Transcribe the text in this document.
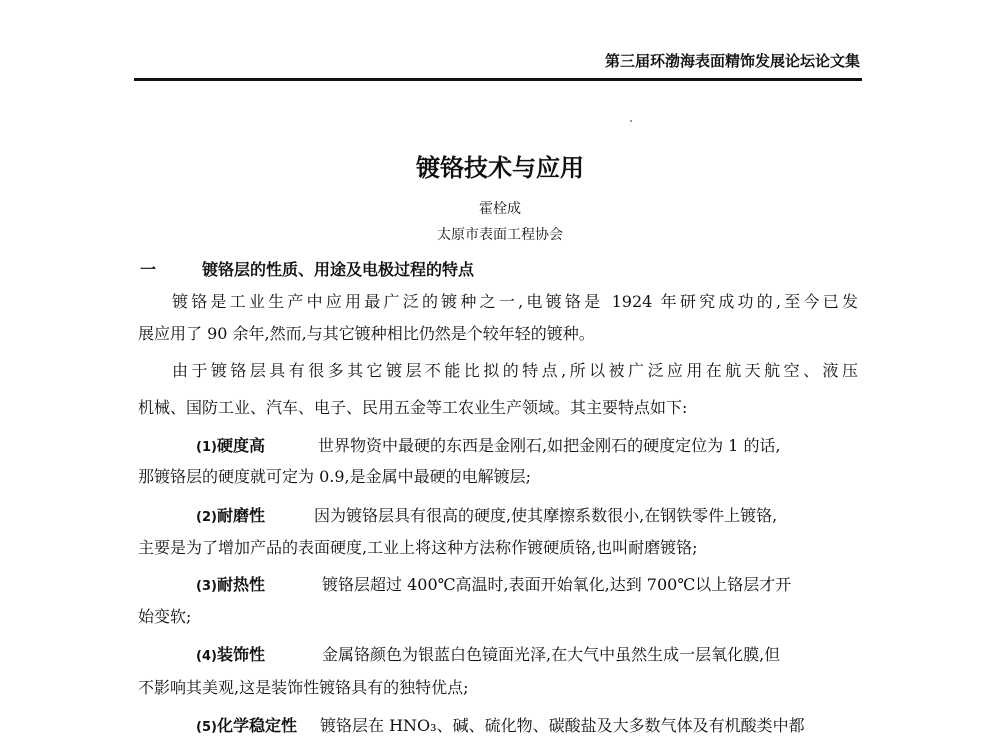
第三届环渤海表面精饰发展论坛论文集
镀铬技术与应用
霍栓成
太原市表面工程协会
一	镀铬层的性质、用途及电极过程的特点
镀铬是工业生产中应用最广泛的镀种之一,电镀铬是 1924 年研究成功的,至今已发
展应用了 90 余年,然而,与其它镀种相比仍然是个较年轻的镀种。
由于镀铬层具有很多其它镀层不能比拟的特点,所以被广泛应用在航天航空、液压
机械、国防工业、汽车、电子、民用五金等工农业生产领域。其主要特点如下:
(1)硬度高	世界物资中最硬的东西是金刚石,如把金刚石的硬度定位为 1 的话,
那镀铬层的硬度就可定为 0.9,是金属中最硬的电解镀层;
(2)耐磨性	因为镀铬层具有很高的硬度,使其摩擦系数很小,在钢铁零件上镀铬,
主要是为了增加产品的表面硬度,工业上将这种方法称作镀硬质铬,也叫耐磨镀铬;
(3)耐热性	镀铬层超过 400℃高温时,表面开始氧化,达到 700℃以上铬层才开
始变软;
(4)装饰性	金属铬颜色为银蓝白色镜面光泽,在大气中虽然生成一层氧化膜,但
不影响其美观,这是装饰性镀铬具有的独特优点;
(5)化学稳定性 镀铬层在 HNO₃、碱、硫化物、碳酸盐及大多数气体及有机酸类中都
